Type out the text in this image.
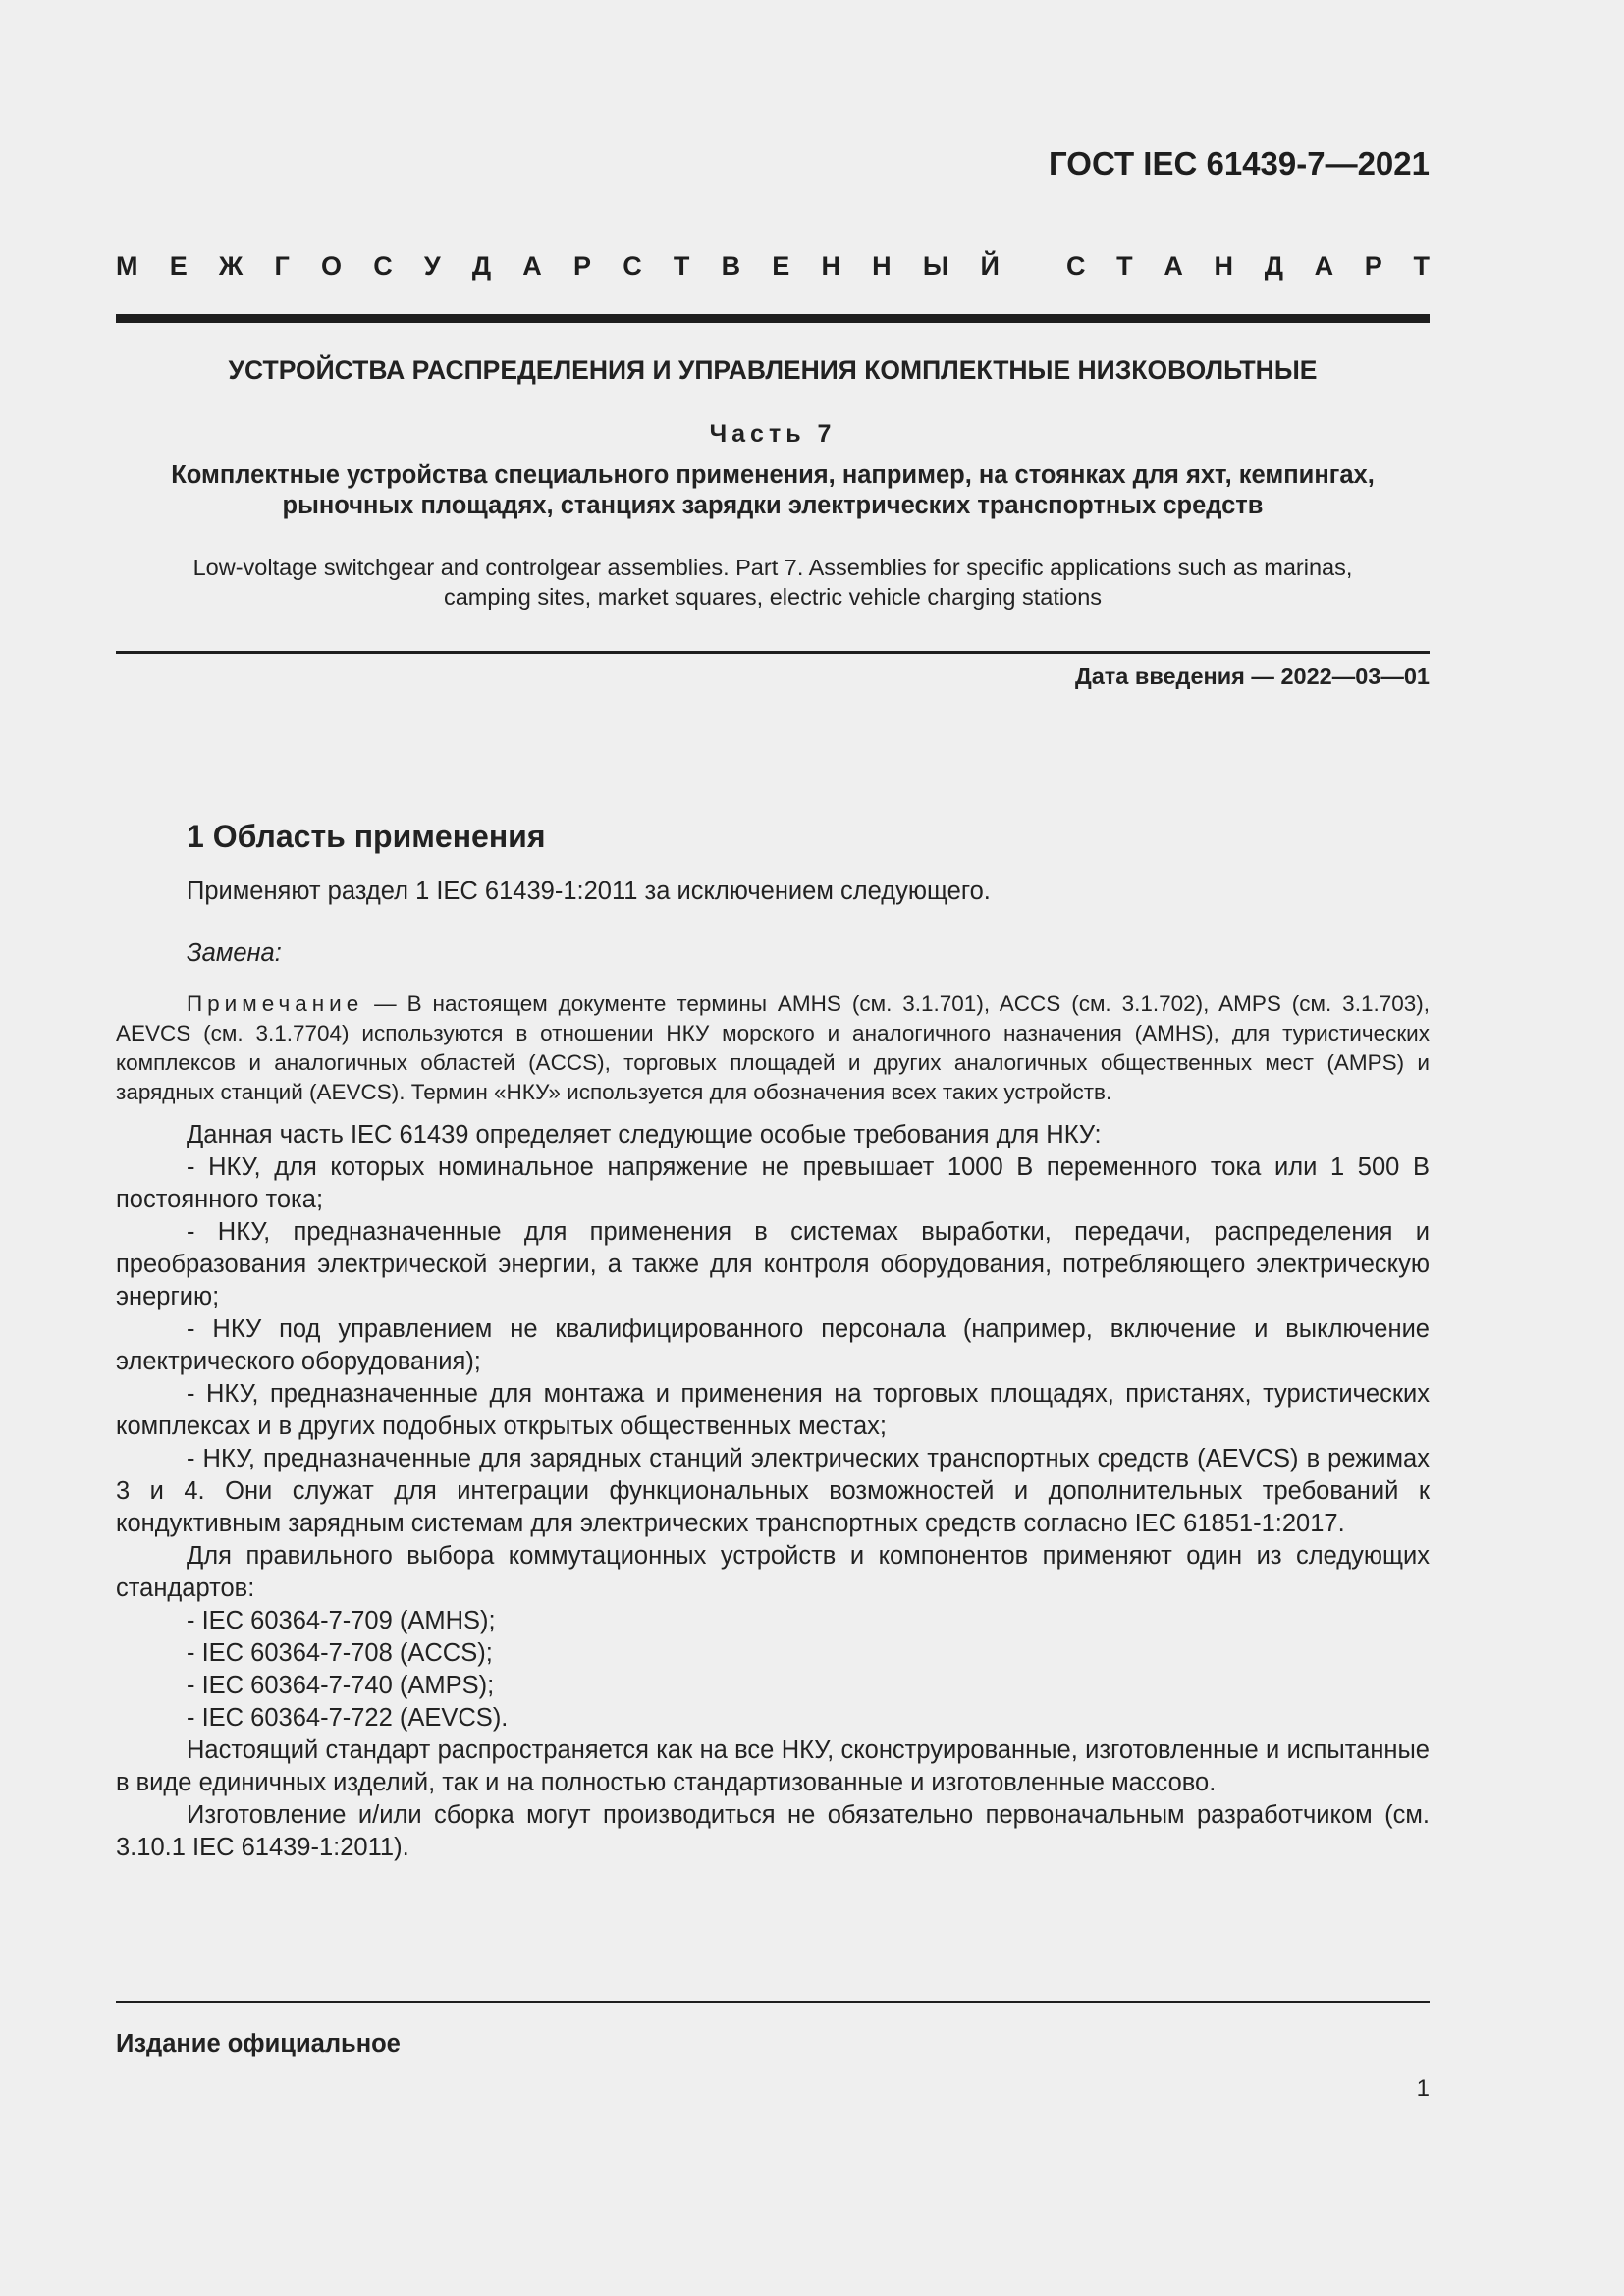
ГОСТ IEC 61439-7—2021
М Е Ж Г О С У Д А Р С Т В Е Н Н Ы Й	С Т А Н Д А Р Т
УСТРОЙСТВА РАСПРЕДЕЛЕНИЯ И УПРАВЛЕНИЯ КОМПЛЕКТНЫЕ НИЗКОВОЛЬТНЫЕ
Часть 7
Комплектные устройства специального применения, например, на стоянках для яхт, кемпингах,
рыночных площадях, станциях зарядки электрических транспортных средств
Low-voltage switchgear and controlgear assemblies. Part 7. Assemblies for specific applications such as marinas,
camping sites, market squares, electric vehicle charging stations
Дата введения — 2022—03—01
1 Область применения

Применяют раздел 1 IEC 61439-1:2011 за исключением следующего.

Замена:

Примечание — В настоящем документе термины AMHS (см. 3.1.701), ACCS (см. 3.1.702), AMPS (см. 3.1.703), AEVCS (см. 3.1.7704) используются в отношении НКУ морского и аналогичного назначения (AMHS), для туристических комплексов и аналогичных областей (ACCS), торговых площадей и других аналогичных общественных мест (AMPS) и зарядных станций (AEVCS). Термин «НКУ» используется для обозначения всех таких устройств.

Данная часть IEC 61439 определяет следующие особые требования для НКУ:

- НКУ, для которых номинальное напряжение не превышает 1000 В переменного тока или 1 500 В постоянного тока;

- НКУ, предназначенные для применения в системах выработки, передачи, распределения и преобразования электрической энергии, а также для контроля оборудования, потребляющего электрическую энергию;

- НКУ под управлением не квалифицированного персонала (например, включение и выключение электрического оборудования);

- НКУ, предназначенные для монтажа и применения на торговых площадях, пристанях, туристических комплексах и в других подобных открытых общественных местах;

- НКУ, предназначенные для зарядных станций электрических транспортных средств (AEVCS) в режимах 3 и 4. Они служат для интеграции функциональных возможностей и дополнительных требований к кондуктивным зарядным системам для электрических транспортных средств согласно IEC 61851-1:2017.

Для правильного выбора коммутационных устройств и компонентов применяют один из следующих стандартов:

- IEC 60364-7-709 (AMHS);

- IEC 60364-7-708 (ACCS);

- IEC 60364-7-740 (AMPS);

- IEC 60364-7-722 (AEVCS).

Настоящий стандарт распространяется как на все НКУ, сконструированные, изготовленные и испытанные в виде единичных изделий, так и на полностью стандартизованные и изготовленные массово.

Изготовление и/или сборка могут производиться не обязательно первоначальным разработчиком (см. 3.10.1 IEC 61439-1:2011).

Издание официальное
1
